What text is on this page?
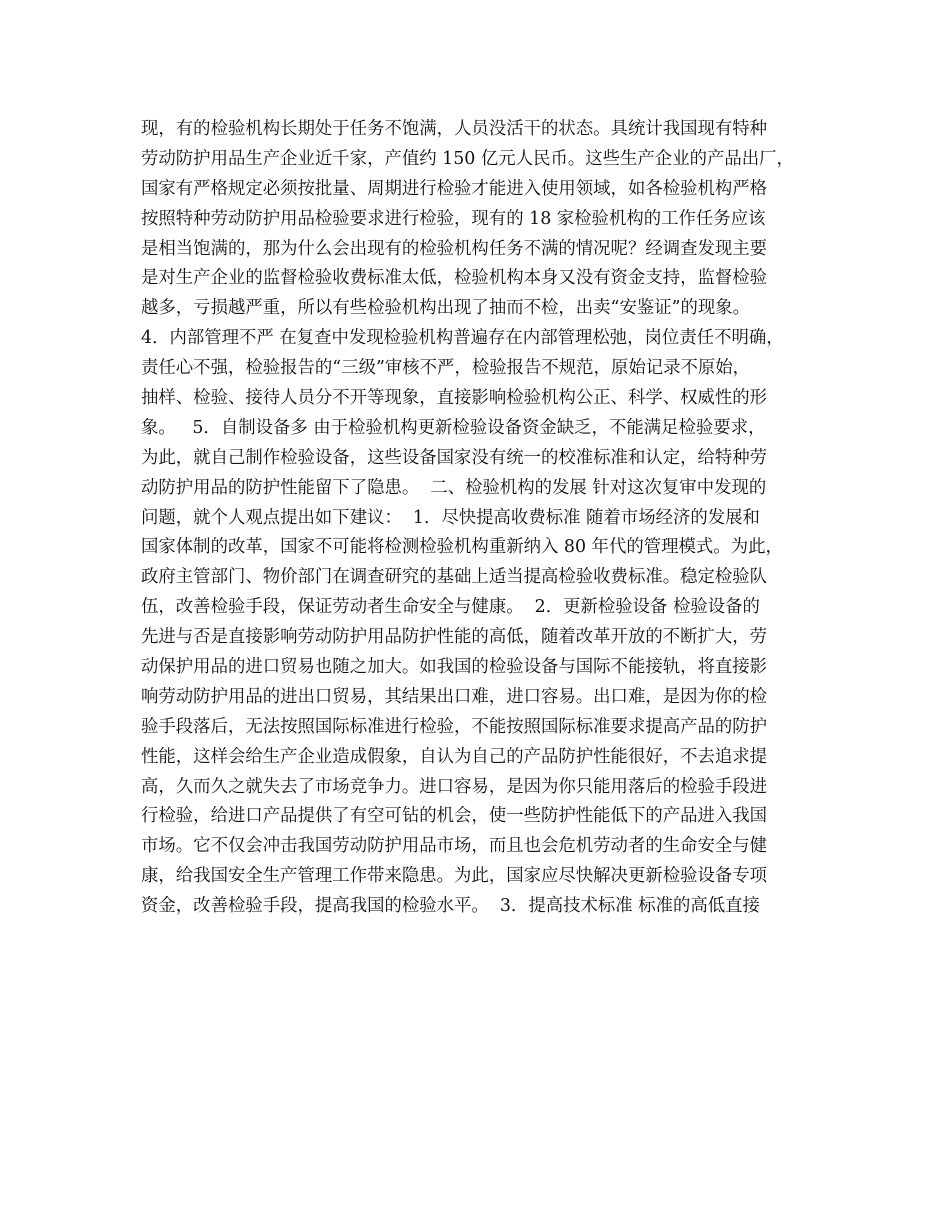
现，有的检验机构长期处于任务不饱满，人员没活干的状态。具统计我国现有特种
劳动防护用品生产企业近千家，产值约 150 亿元人民币。这些生产企业的产品出厂，
国家有严格规定必须按批量、周期进行检验才能进入使用领域，如各检验机构严格
按照特种劳动防护用品检验要求进行检验，现有的 18 家检验机构的工作任务应该
是相当饱满的，那为什么会出现有的检验机构任务不满的情况呢？经调查发现主要
是对生产企业的监督检验收费标准太低，检验机构本身又没有资金支持，监督检验
越多，亏损越严重，所以有些检验机构出现了抽而不检，出卖“安鉴证”的现象。
4．内部管理不严 在复查中发现检验机构普遍存在内部管理松弛，岗位责任不明确，
责任心不强，检验报告的“三级”审核不严，检验报告不规范，原始记录不原始，
抽样、检验、接待人员分不开等现象，直接影响检验机构公正、科学、权威性的形
象。   5．自制设备多 由于检验机构更新检验设备资金缺乏，不能满足检验要求，
为此，就自己制作检验设备，这些设备国家没有统一的校准标准和认定，给特种劳
动防护用品的防护性能留下了隐患。  二、检验机构的发展 针对这次复审中发现的
问题，就个人观点提出如下建议：  1．尽快提高收费标准 随着市场经济的发展和
国家体制的改革，国家不可能将检测检验机构重新纳入 80 年代的管理模式。为此，
政府主管部门、物价部门在调查研究的基础上适当提高检验收费标准。稳定检验队
伍，改善检验手段，保证劳动者生命安全与健康。  2．更新检验设备 检验设备的
先进与否是直接影响劳动防护用品防护性能的高低，随着改革开放的不断扩大，劳
动保护用品的进口贸易也随之加大。如我国的检验设备与国际不能接轨，将直接影
响劳动防护用品的进出口贸易，其结果出口难，进口容易。出口难，是因为你的检
验手段落后，无法按照国际标准进行检验，不能按照国际标准要求提高产品的防护
性能，这样会给生产企业造成假象，自认为自己的产品防护性能很好，不去追求提
高，久而久之就失去了市场竞争力。进口容易，是因为你只能用落后的检验手段进
行检验，给进口产品提供了有空可钻的机会，使一些防护性能低下的产品进入我国
市场。它不仅会冲击我国劳动防护用品市场，而且也会危机劳动者的生命安全与健
康，给我国安全生产管理工作带来隐患。为此，国家应尽快解决更新检验设备专项
资金，改善检验手段，提高我国的检验水平。  3．提高技术标准 标准的高低直接
